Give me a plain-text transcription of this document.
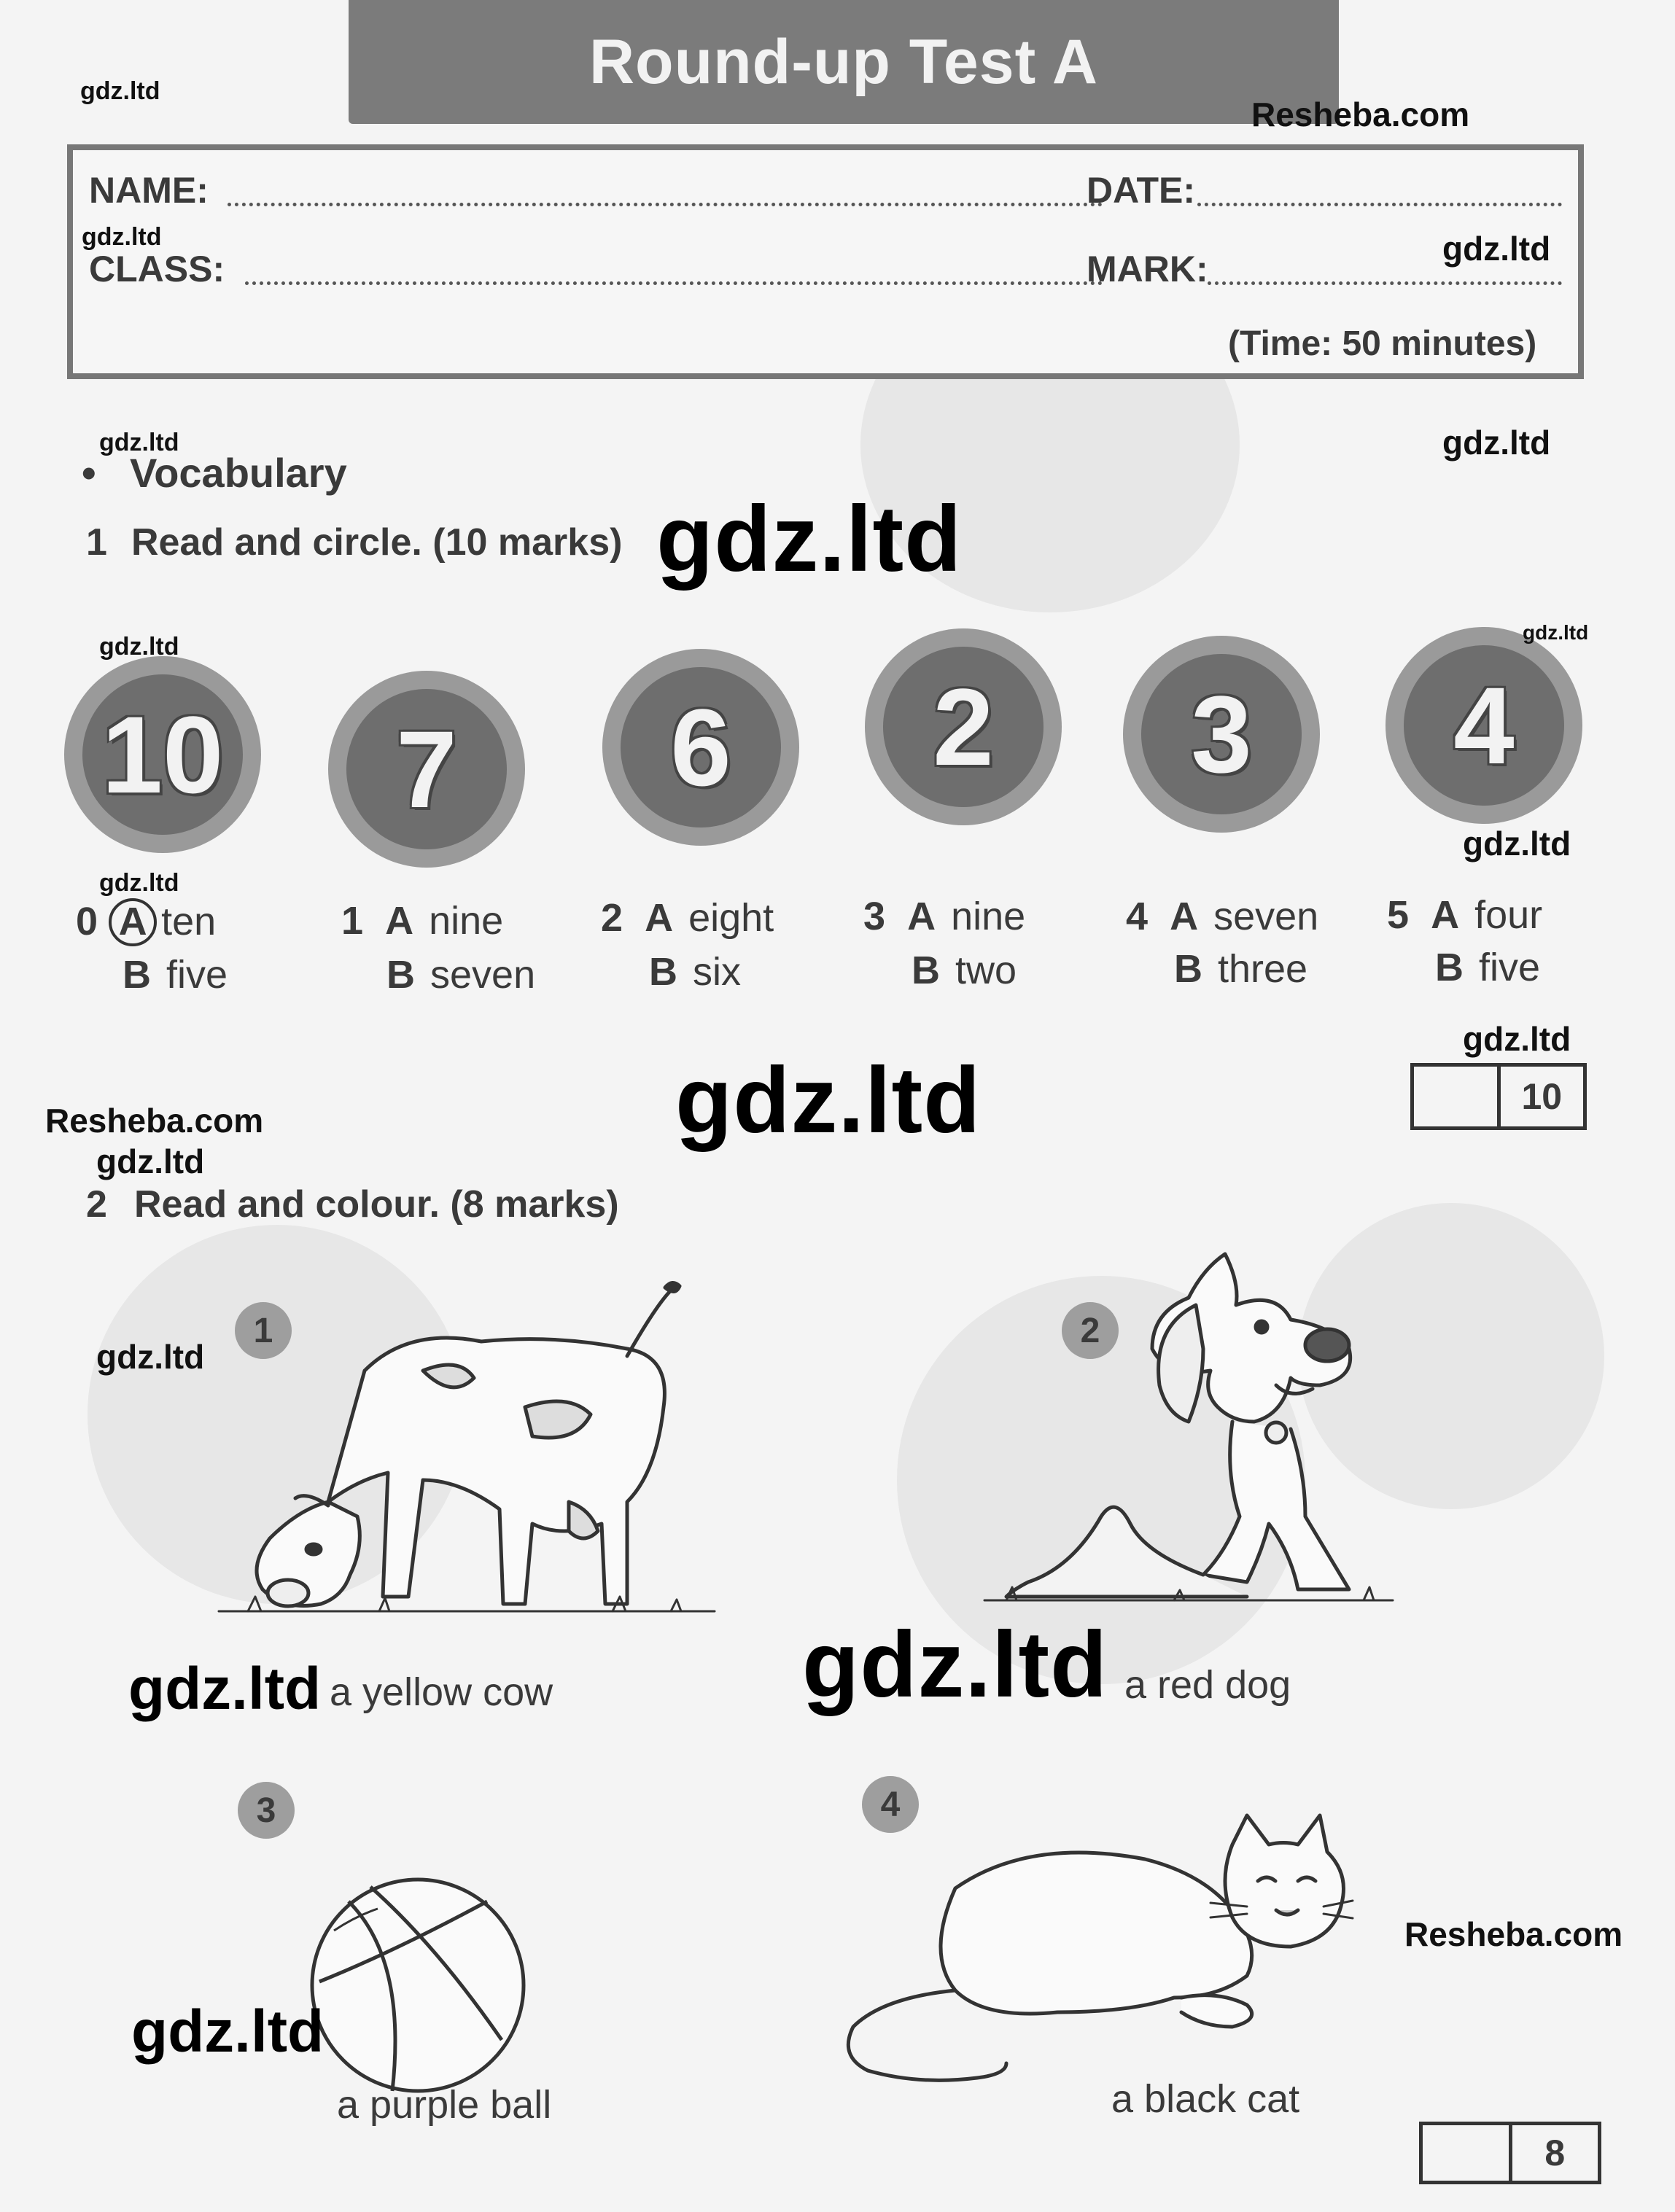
Round-up Test A
NAME:
CLASS:
DATE:
MARK:
(Time: 50 minutes)
• Vocabulary
1 Read and circle. (10 marks)
10 7 6 2 3 4
0 A ten
B five
1 A nine
B seven
2 A eight
B six
3 A nine
B two
4 A seven
B three
5 A four
B five
10
2 Read and colour. (8 marks)
1
a yellow cow
2
a red dog
3
a purple ball
4
a black cat
8
gdz.ltd
Resheba.com
gdz.ltd	gdz.ltd
gdz.ltd	gdz.ltd
gdz.ltd
gdz.ltd
gdz.ltd
gdz.ltd
gdz.ltd
gdz.ltd
gdz.ltd
Resheba.com
gdz.ltd
gdz.ltd
gdz.ltd	gdz.ltd
Resheba.com
gdz.ltd
